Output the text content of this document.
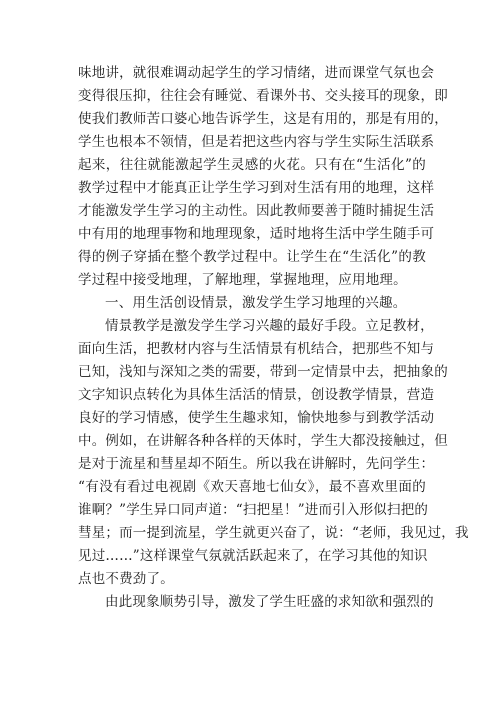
味地讲，就很难调动起学生的学习情绪，进而课堂气氛也会
变得很压抑，往往会有睡觉、看课外书、交头接耳的现象，即
使我们教师苦口婆心地告诉学生，这是有用的，那是有用的，
学生也根本不领情，但是若把这些内容与学生实际生活联系
起来，往往就能激起学生灵感的火花。只有在“生活化”的
教学过程中才能真正让学生学习到对生活有用的地理，这样
才能激发学生学习的主动性。因此教师要善于随时捕捉生活
中有用的地理事物和地理现象，适时地将生活中学生随手可
得的例子穿插在整个教学过程中。让学生在“生活化”的教
学过程中接受地理，了解地理，掌握地理，应用地理。
一、用生活创设情景，激发学生学习地理的兴趣。
情景教学是激发学生学习兴趣的最好手段。立足教材，
面向生活，把教材内容与生活情景有机结合，把那些不知与
已知，浅知与深知之类的需要，带到一定情景中去，把抽象的
文字知识点转化为具体生活活的情景，创设教学情景，营造
良好的学习情感，使学生生趣求知，愉快地参与到教学活动
中。例如，在讲解各种各样的天体时，学生大都没接触过，但
是对于流星和彗星却不陌生。所以我在讲解时，先问学生：
“有没有看过电视剧《欢天喜地七仙女》，最不喜欢里面的
谁啊？”学生异口同声道：“扫把星！”进而引入形似扫把的
彗星；而一提到流星，学生就更兴奋了，说：“老师，我见过，我
见过……”这样课堂气氛就活跃起来了，在学习其他的知识
点也不费劲了。
由此现象顺势引导，激发了学生旺盛的求知欲和强烈的
